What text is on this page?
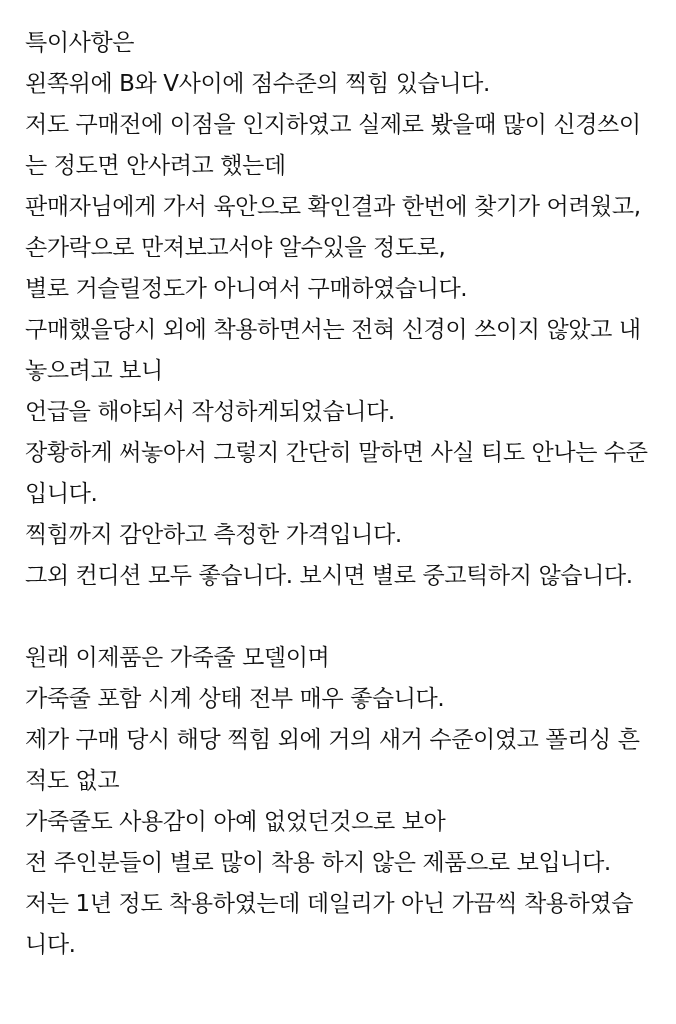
특이사항은
왼쪽위에 B와 V사이에 점수준의 찍힘 있습니다.
저도 구매전에 이점을 인지하였고 실제로 봤을때 많이 신경쓰이
는 정도면 안사려고 했는데
판매자님에게 가서 육안으로 확인결과 한번에 찾기가 어려웠고,
손가락으로 만져보고서야 알수있을 정도로,
별로 거슬릴정도가 아니여서 구매하였습니다.
구매했을당시 외에 착용하면서는 전혀 신경이 쓰이지 않았고 내
놓으려고 보니
언급을 해야되서 작성하게되었습니다.
장황하게 써놓아서 그렇지 간단히 말하면 사실 티도 안나는 수준
입니다.
찍힘까지 감안하고 측정한 가격입니다.
그외 컨디션 모두 좋습니다. 보시면 별로 중고틱하지 않습니다.
원래 이제품은 가죽줄 모델이며
가죽줄 포함 시계 상태 전부 매우 좋습니다.
제가 구매 당시 해당 찍힘 외에 거의 새거 수준이였고 폴리싱 흔
적도 없고
가죽줄도 사용감이 아예 없었던것으로 보아
전 주인분들이 별로 많이 착용 하지 않은 제품으로 보입니다.
저는 1년 정도 착용하였는데 데일리가 아닌 가끔씩 착용하였습
니다.
